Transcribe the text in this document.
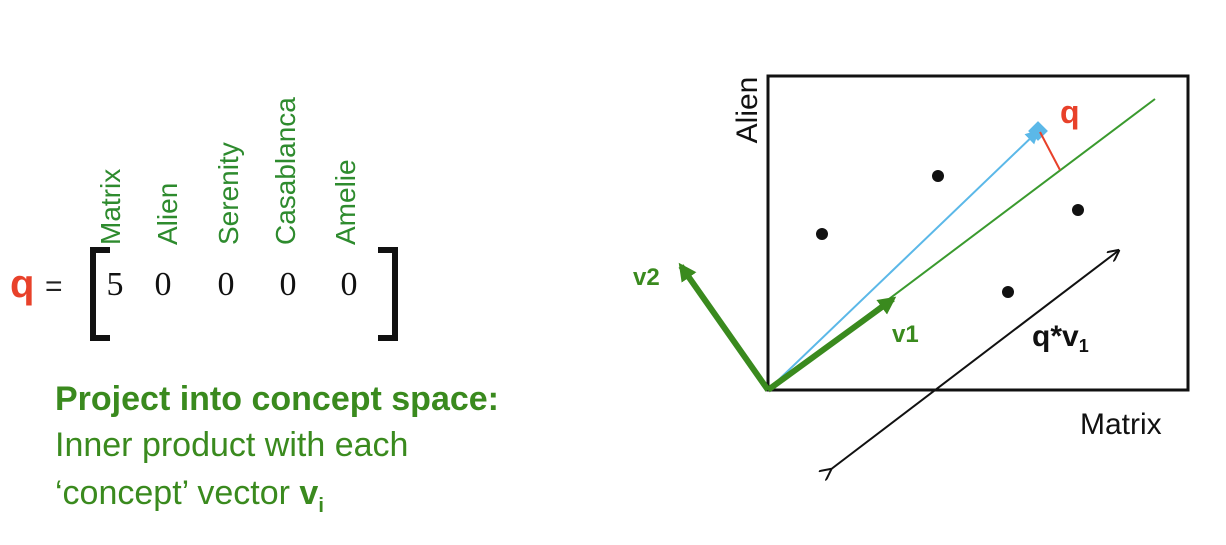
q =
Matrix Alien Serenity Casablanca Amelie
5 0 0 0 0
Project into concept space:
Inner product with each
‘concept’ vector $v_i$
Alien
Matrix
q
v1
v2
$q*v_1$
